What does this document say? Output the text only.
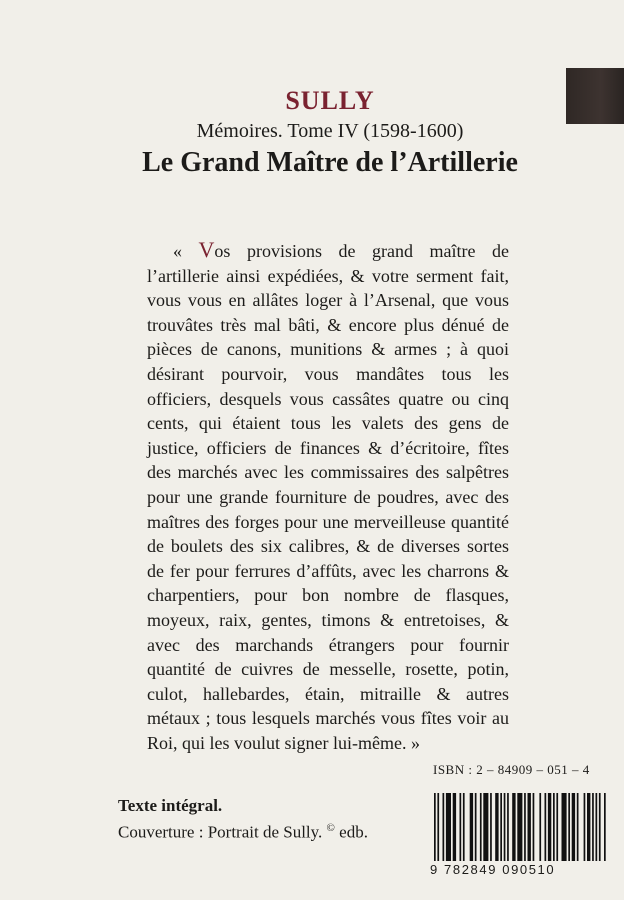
SULLY
Mémoires. Tome IV (1598-1600)
Le Grand Maître de l’Artillerie

« Vos provisions de grand maître de l’artillerie ainsi expédiées, & votre serment fait, vous vous en allâtes loger à l’Arsenal, que vous trouvâtes très mal bâti, & encore plus dénué de pièces de canons, munitions & armes ; à quoi désirant pourvoir, vous mandâtes tous les officiers, desquels vous cassâtes quatre ou cinq cents, qui étaient tous les valets des gens de justice, officiers de finances & d’écritoire, fîtes des marchés avec les commissaires des salpêtres pour une grande fourniture de poudres, avec des maîtres des forges pour une merveilleuse quantité de boulets des six calibres, & de diverses sortes de fer pour ferrures d’affûts, avec les charrons & charpentiers, pour bon nombre de flasques, moyeux, raix, gentes, timons & entretoises, & avec des marchands étrangers pour fournir quantité de cuivres de messelle, rosette, potin, culot, hallebardes, étain, mitraille & autres métaux ; tous lesquels marchés vous fîtes voir au Roi, qui les voulut signer lui-même. »

ISBN : 2 – 84909 – 051 – 4
Texte intégral.
Couverture : Portrait de Sully. © edb.
9 782849 090510
